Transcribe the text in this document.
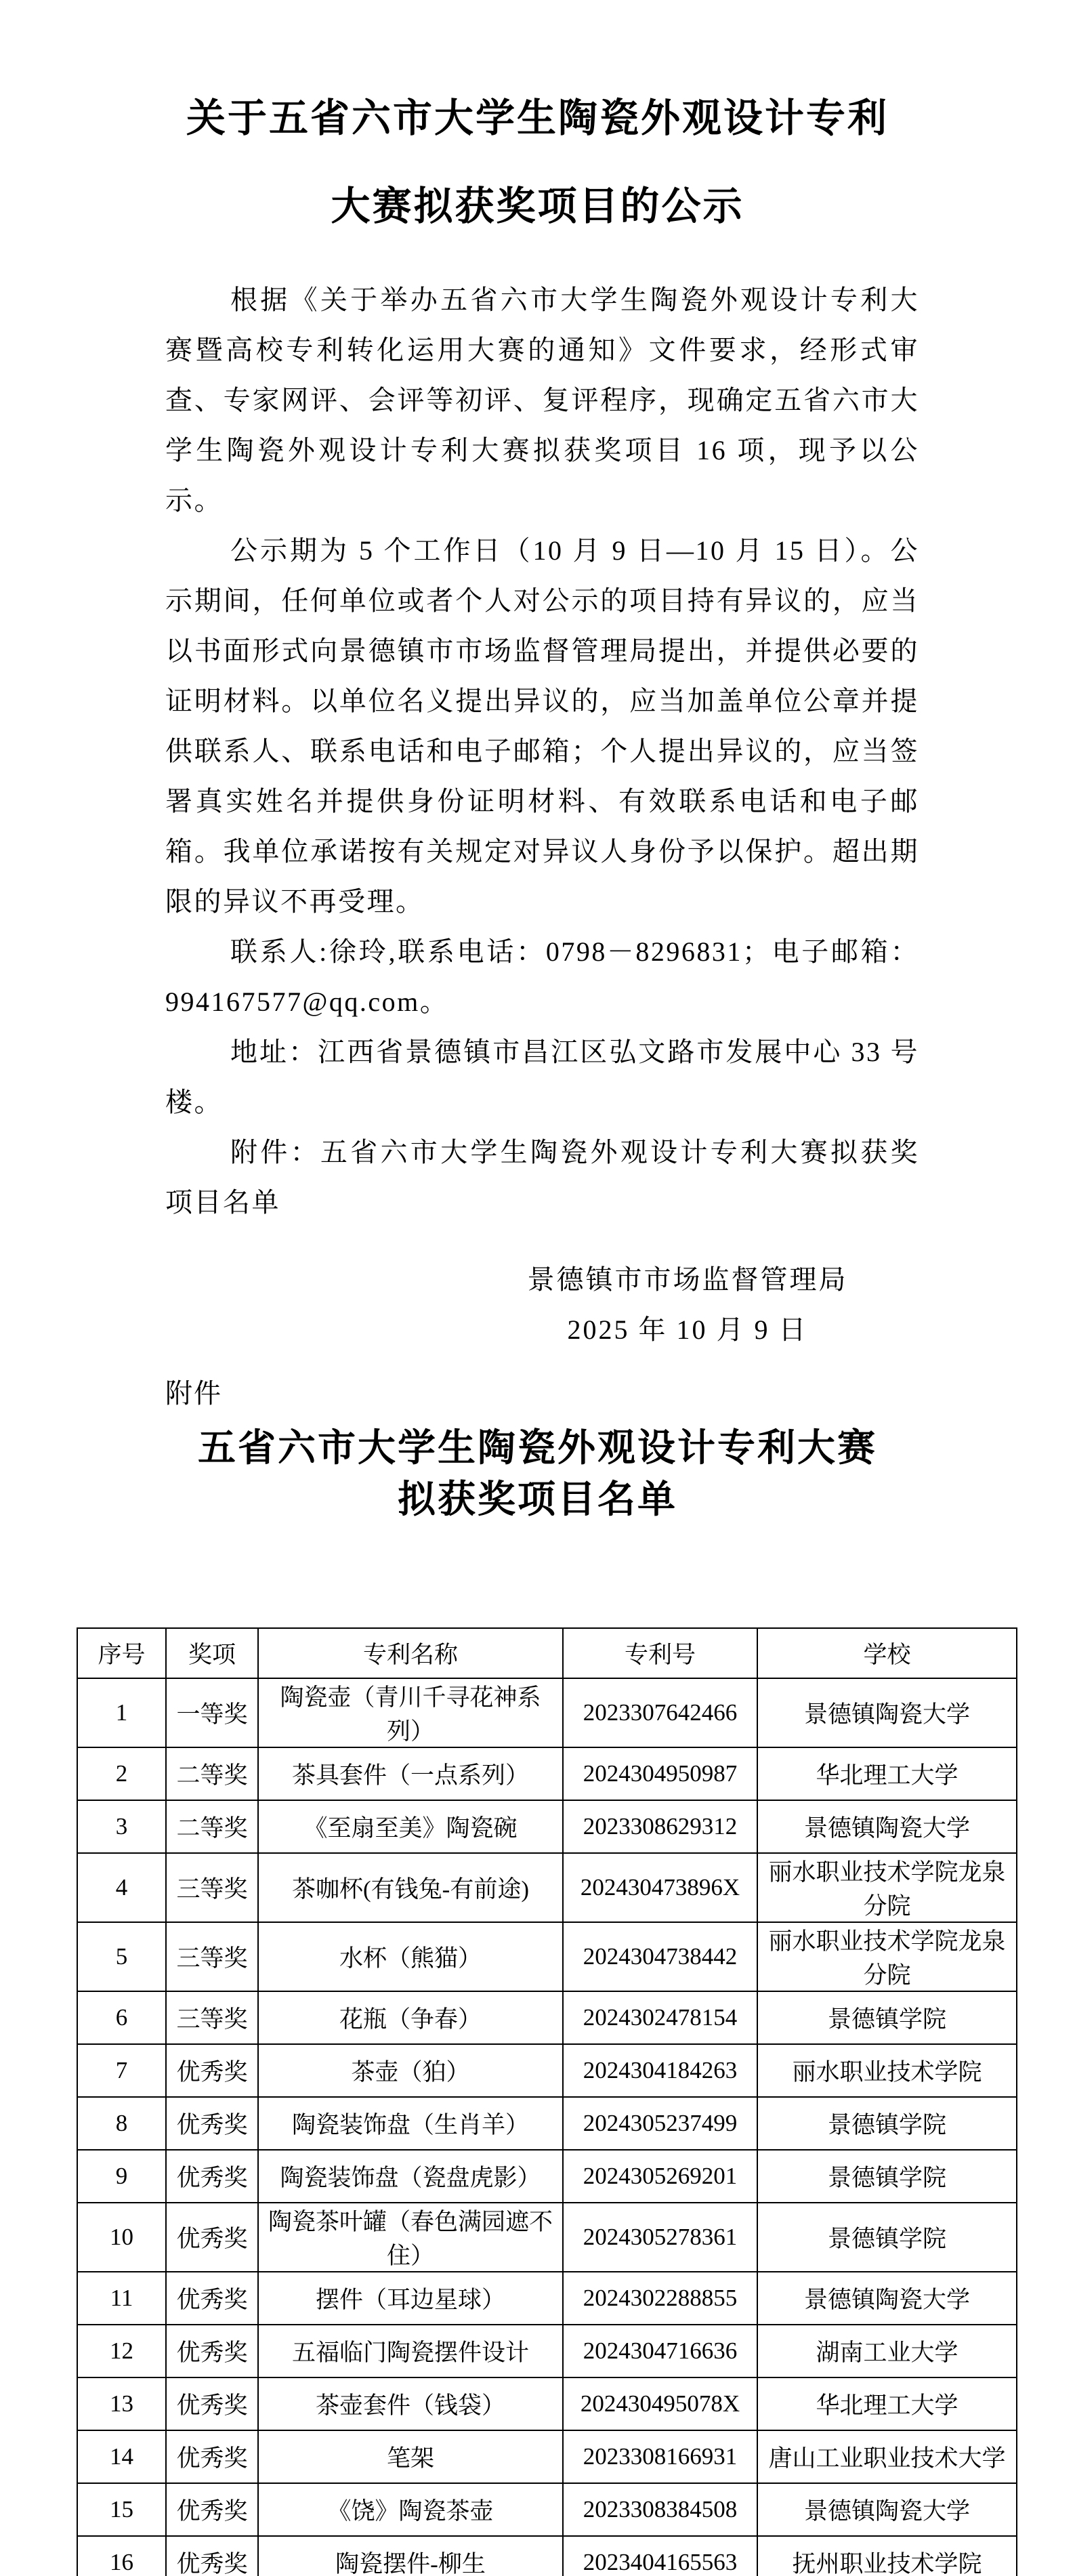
关于五省六市大学生陶瓷外观设计专利
大赛拟获奖项目的公示

根据《关于举办五省六市大学生陶瓷外观设计专利大赛暨高校专利转化运用大赛的通知》文件要求，经形式审查、专家网评、会评等初评、复评程序，现确定五省六市大学生陶瓷外观设计专利大赛拟获奖项目 16 项，现予以公示。

公示期为 5 个工作日（10 月 9 日—10 月 15 日）。公示期间，任何单位或者个人对公示的项目持有异议的，应当以书面形式向景德镇市市场监督管理局提出，并提供必要的证明材料。以单位名义提出异议的，应当加盖单位公章并提供联系人、联系电话和电子邮箱；个人提出异议的，应当签署真实姓名并提供身份证明材料、有效联系电话和电子邮箱。我单位承诺按有关规定对异议人身份予以保护。超出期限的异议不再受理。

联系人:徐玲,联系电话：0798－8296831；电子邮箱：994167577@qq.com。

地址：江西省景德镇市昌江区弘文路市发展中心 33 号楼。

附件：五省六市大学生陶瓷外观设计专利大赛拟获奖项目名单

景德镇市市场监督管理局
2025 年 10 月 9 日
附件
五省六市大学生陶瓷外观设计专利大赛
拟获奖项目名单
序号	奖项	专利名称	专利号	学校
1	一等奖	陶瓷壶（青川千寻花神系列）	2023307642466	景德镇陶瓷大学
2	二等奖	茶具套件（一点系列）	2024304950987	华北理工大学
3	二等奖	《至扇至美》陶瓷碗	2023308629312	景德镇陶瓷大学
4	三等奖	茶咖杯(有钱兔-有前途)	202430473896X	丽水职业技术学院龙泉分院
5	三等奖	水杯（熊猫）	2024304738442	丽水职业技术学院龙泉分院
6	三等奖	花瓶（争春）	2024302478154	景德镇学院
7	优秀奖	茶壶（狛）	2024304184263	丽水职业技术学院
8	优秀奖	陶瓷装饰盘（生肖羊）	2024305237499	景德镇学院
9	优秀奖	陶瓷装饰盘（瓷盘虎影）	2024305269201	景德镇学院
10	优秀奖	陶瓷茶叶罐（春色满园遮不住）	2024305278361	景德镇学院
11	优秀奖	摆件（耳边星球）	2024302288855	景德镇陶瓷大学
12	优秀奖	五福临门陶瓷摆件设计	2024304716636	湖南工业大学
13	优秀奖	茶壶套件（钱袋）	202430495078X	华北理工大学
14	优秀奖	笔架	2023308166931	唐山工业职业技术大学
15	优秀奖	《饶》陶瓷茶壶	2023308384508	景德镇陶瓷大学
16	优秀奖	陶瓷摆件-柳生	2023404165563	抚州职业技术学院
